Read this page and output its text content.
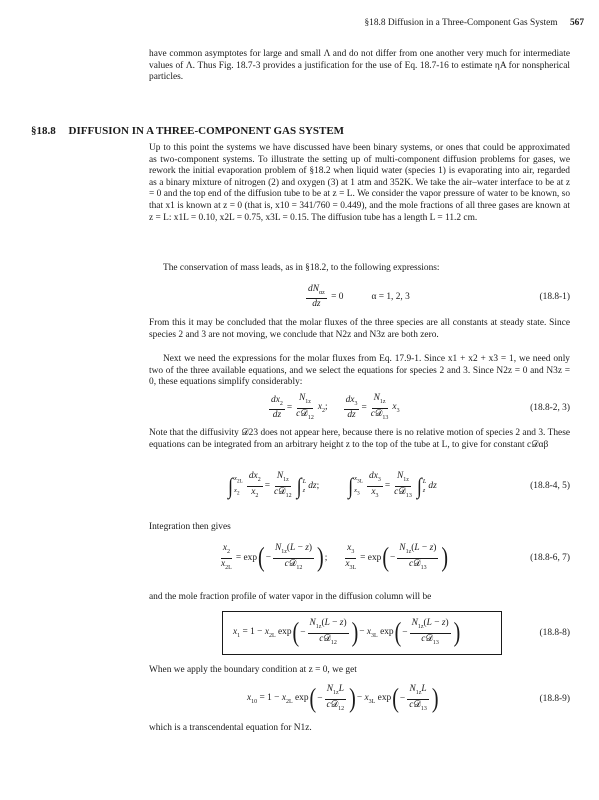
§18.8 Diffusion in a Three-Component Gas System 567

have common asymptotes for large and small Λ and do not differ from one another very much for intermediate values of Λ. Thus Fig. 18.7-3 provides a justification for the use of Eq. 18.7-16 to estimate ηA for nonspherical particles.

§18.8 DIFFUSION IN A THREE-COMPONENT GAS SYSTEM

Up to this point the systems we have discussed have been binary systems, or ones that could be approximated as two-component systems. To illustrate the setting up of multi-component diffusion problems for gases, we rework the initial evaporation problem of §18.2 when liquid water (species 1) is evaporating into air, regarded as a binary mixture of nitrogen (2) and oxygen (3) at 1 atm and 352K. We take the air–water interface to be at z = 0 and the top end of the diffusion tube to be at z = L. We consider the vapor pressure of water to be known, so that x1 is known at z = 0 (that is, x10 = 341/760 = 0.449), and the mole fractions of all three gases are known at z = L: x1L = 0.10, x2L = 0.75, x3L = 0.15. The diffusion tube has a length L = 11.2 cm.

The conservation of mass leads, as in §18.2, to the following expressions:

$\frac{dN_{\alpha z}}{dz} = 0$	α = 1, 2, 3	(18.8-1)

From this it may be concluded that the molar fluxes of the three species are all constants at steady state. Since species 2 and 3 are not moving, we conclude that N2z and N3z are both zero.

Next we need the expressions for the molar fluxes from Eq. 17.9-1. Since x1 + x2 + x3 = 1, we need only two of the three available equations, and we select the equations for species 2 and 3. Since N2z = 0 and N3z = 0, these equations simplify considerably:

$\frac{dx_2}{dz} = \frac{N_{1z}}{c𝒟_{12}} x_2$; $\frac{dx_3}{dz} = \frac{N_{1z}}{c𝒟_{13}} x_3$	(18.8-2, 3)

Note that the diffusivity 𝒟23 does not appear here, because there is no relative motion of species 2 and 3. These equations can be integrated from an arbitrary height z to the top of the tube at L, to give for constant c𝒟αβ

∫ $x_{2L}$
$x_2 \frac{dx_2}{x_2} = \frac{N_{1z}}{c𝒟_{12}}$ ∫ L
z dz; ∫ $x_{3L}$
$x_3 \frac{dx_3}{x_3} = \frac{N_{1z}}{c𝒟_{13}}$ ∫ L
z dz	(18.8-4, 5)

Integration then gives

$\frac{x_2}{x_{2L}} = \exp$ ( − $\frac{N_{1z}(L - z)}{c𝒟_{12}}$ ) ; $\frac{x_3}{x_{3L}} = \exp$ ( − $\frac{N_{1z}(L - z)}{c𝒟_{13}}$ )	(18.8-6, 7)

and the mole fraction profile of water vapor in the diffusion column will be

$x_1 = 1 - x_{2L}$ exp ( − $\frac{N_{1z}(L - z)}{c𝒟_{12}}$ ) − $x_{3L}$ exp ( − $\frac{N_{1z}(L - z)}{c𝒟_{13}}$ )	(18.8-8)

When we apply the boundary condition at z = 0, we get

$x_{10} = 1 - x_{2L}$ exp ( − $\frac{N_{1z}L}{c𝒟_{12}}$ ) − $x_{3L}$ exp ( − $\frac{N_{1z}L}{c𝒟_{13}}$ )	(18.8-9)

which is a transcendental equation for N1z.
